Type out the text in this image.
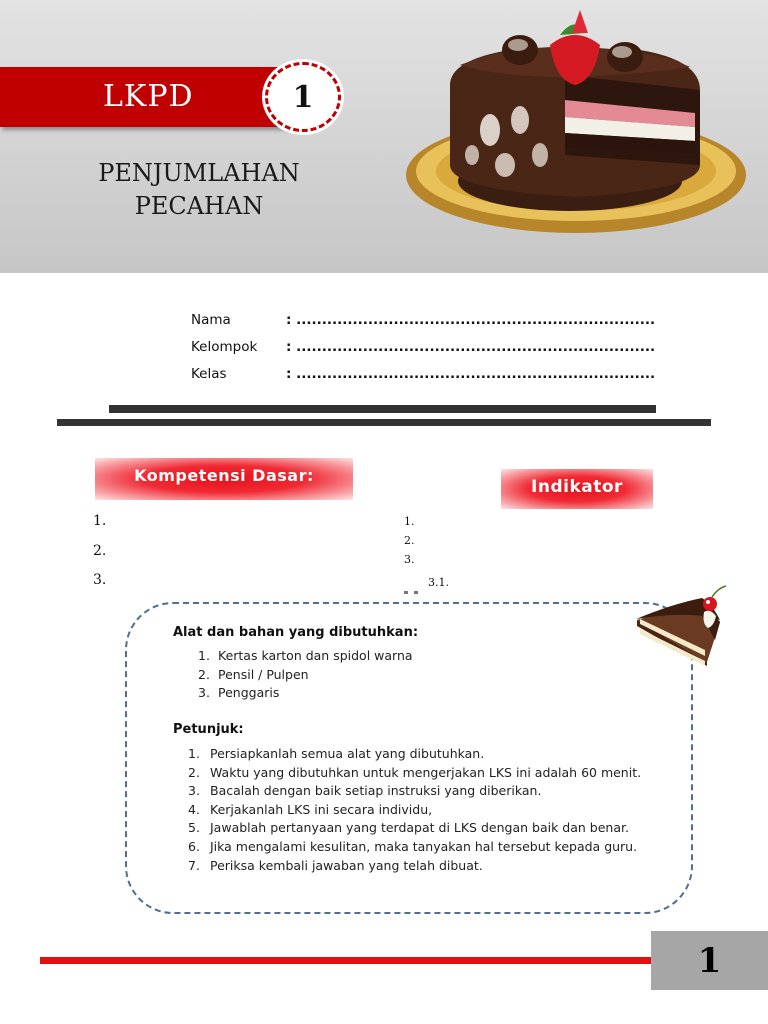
LKPD	1
PENJUMLAHAN
PECAHAN
Nama	: ......................................................................
Kelompok	: ......................................................................
Kelas	: ......................................................................
Kompetensi Dasar:
Indikator
1.
2.
3.
1.
2.
3.
3.1.
Alat dan bahan yang dibutuhkan:
1. Kertas karton dan spidol warna
2. Pensil / Pulpen
3. Penggaris
Petunjuk:
1. Persiapkanlah semua alat yang dibutuhkan.
2. Waktu yang dibutuhkan untuk mengerjakan LKS ini adalah 60 menit.
3. Bacalah dengan baik setiap instruksi yang diberikan.
4. Kerjakanlah LKS ini secara individu,
5. Jawablah pertanyaan yang terdapat di LKS dengan baik dan benar.
6. Jika mengalami kesulitan, maka tanyakan hal tersebut kepada guru.
7. Periksa kembali jawaban yang telah dibuat.
1
